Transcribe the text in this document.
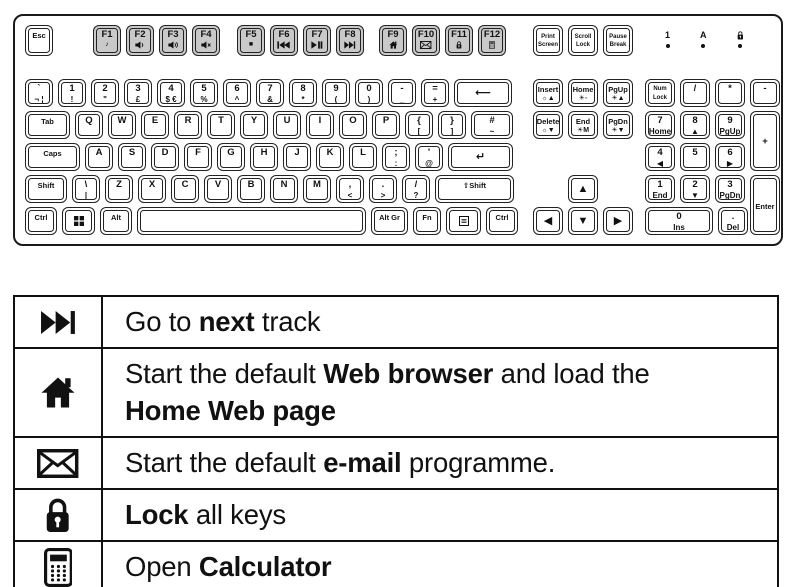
Esc	F1
♪
F2 F3 F4	F5
■
F6 F7 F8	F9 F10 F11 F12	Print
Screen
Scroll
Lock
Pause
Break
1	A
`
¬ ¦
1
!
2
"
3
£
4
$ €
5
%
6
^
7
&
8
*
9
(
0
)
-
_
=
+
⟵
Tab	Q	W	E	R	T	Y	U	I	O	P	{
[
}
]
#
~
Caps	A	S	D	F	G	H	J	K	L	;
:
'
@
↵
Shift	\
|
Z	X	C	V	B	N	M	,
<
.
>
/
?
⇧Shift
Ctrl	Alt	Alt Gr	Fn	Ctrl
Insert
☼▲
Home
☀◦
PgUp
☀▲
Delete
☼▼
End
☀M
PgDn
☀▼
▲
◀ ▼ ▶
Num
Lock
/	*	-
7
Home
8
▲
9
PgUp
4
◀
5	6
▶
1
End
2
▼
3
PgDn
0
Ins
.
Del
+
Enter
Go to next track
Start the default Web browser and load the
Home Web page
Start the default e-mail programme.
Lock all keys
Open Calculator
